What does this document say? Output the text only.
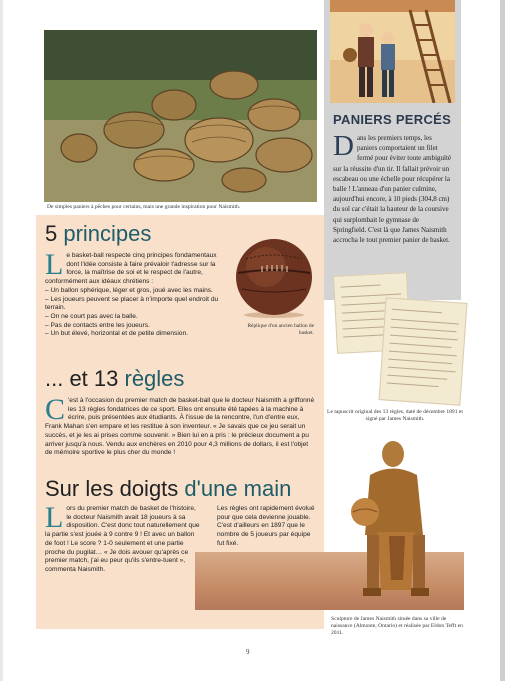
De simples paniers à pêches pour certains, mais une grande inspiration pour Naismith.
PANIERS PERCÉS
Dans les premiers temps, les paniers comportaient un filet fermé pour éviter toute ambiguïté sur la réussite d'un tir. Il fallait prévoir un escabeau ou une échelle pour récupérer la balle ! L'anneau d'un panier culmine, aujourd'hui encore, à 10 pieds (304,8 cm) du sol car c'était la hauteur de la coursive qui surplombait le gymnase de Springfield. C'est là que James Naismith accrocha le tout premier panier de basket.
5 principes
Le basket-ball respecte cinq principes fondamentaux dont l'idée consiste à faire prévaloir l'adresse sur la force, la maîtrise de soi et le respect de l'autre, conformément aux idéaux chrétiens :
– Un ballon sphérique, léger et gros, joué avec les mains.
– Les joueurs peuvent se placer à n'importe quel endroit du terrain.
– On ne court pas avec la balle.
– Pas de contacts entre les joueurs.
– Un but élevé, horizontal et de petite dimension.
Réplique d'un ancien ballon de basket.
... et 13 règles
C 'est à l'occasion du premier match de basket-ball que le docteur Naismith a griffonné les 13 règles fondatrices de ce sport. Elles ont ensuite été tapées à la machine à écrire, puis présentées aux étudiants. À l'issue de la rencontre, l'un d'entre eux, Frank Mahan s'en empare et les restitue à son inventeur. « Je savais que ce jeu serait un succès, et je les ai prises comme souvenir. » Bien lui en a pris : le précieux document a pu arriver jusqu'à nous. Vendu aux enchères en 2010 pour 4,3 millions de dollars, il est l'objet de mémoire sportive le plus cher du monde !
Le tapuscrit original des 13 règles, daté de décembre 1891 et signé par James Naismith.
Sur les doigts d'une main
Lors du premier match de basket de l'histoire, le docteur Naismith avait 18 joueurs à sa disposition. C'est donc tout naturellement que la partie s'est jouée à 9 contre 9 ! Et avec un ballon de foot ! Le score ? 1-0 seulement et une partie proche du pugilat… « Je dois avouer qu'après ce premier match, j'ai eu peur qu'ils s'entre-tuent », commenta Naismith.
Les règles ont rapidement évolué pour que cela devienne jouable. C'est d'ailleurs en 1897 que le nombre de 5 joueurs par équipe fut fixé.
Sculpture de James Naismith située dans sa ville de naissance (Almonte, Ontario) et réalisée par Eldon Tefft en 2011.
9
